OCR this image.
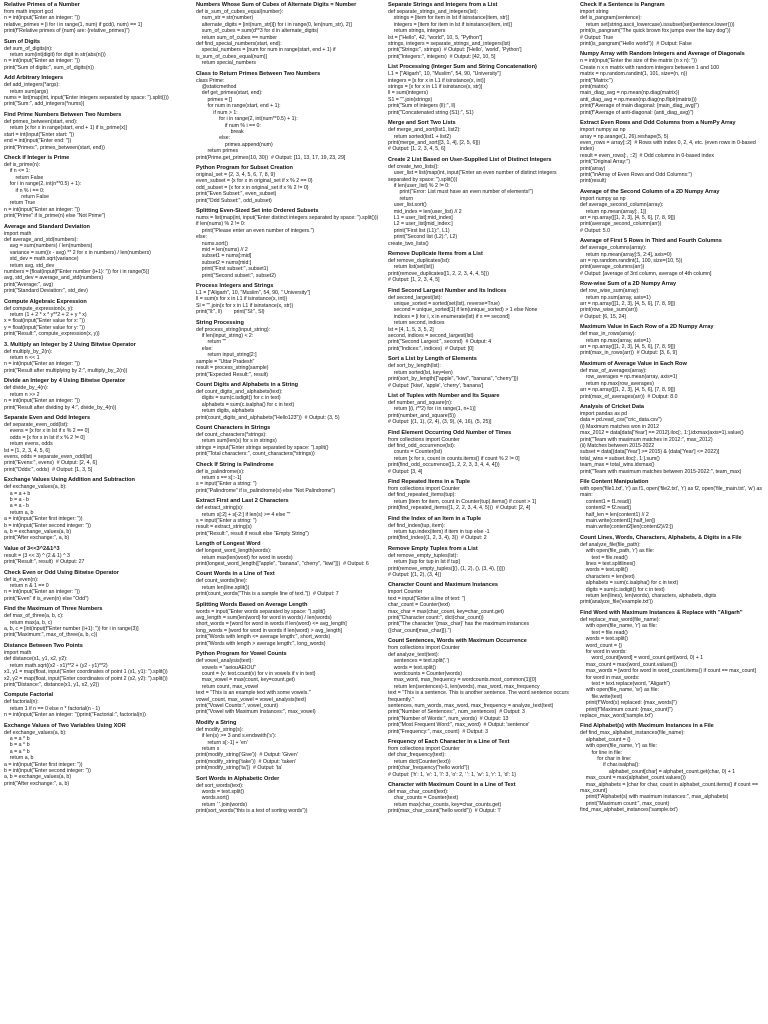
Relative Primes of a Number
from math import gcd
n = int(input("Enter an integer: "))
relative_primes = [i for i in range(1, num) if gcd(i, num) == 1]
print(f"Relative primes of {num} are: {relative_primes}")
Sum of Digits
def sum_of_digits(n):
return sum(int(digit) for digit in str(abs(n)))
n = int(input("Enter an integer: "))
print("Sum of digits:", sum_of_digits(n))
Add Arbitrary Integers
def add_integers(*args):
return sum(args)
nums = list(map(int, input("Enter integers separated by space: ").split()))
print("Sum:", add_integers(*nums))
Find Prime Numbers Between Two Numbers
def primes_between(start, end):
return [x for x in range(start, end + 1) if is_prime(x)]
start = int(input("Enter start: "))
end = int(input("Enter end: "))
print("Primes:", primes_between(start, end))
Check if Integer is Prime
def is_prime(n):
if n <= 1:
return False
for i in range(2, int(n**0.5) + 1):
if n % i == 0:
return False
return True
n = int(input("Enter an integer: "))
print("Prime" if is_prime(n) else "Not Prime")
Average and Standard Deviation
import math
def average_and_std(numbers):
avg = sum(numbers) / len(numbers)
variance = sum((x - avg) ** 2 for x in numbers) / len(numbers)
std_dev = math.sqrt(variance)
return avg, std_dev
numbers = [float(input(f"Enter number {i+1}: ")) for i in range(5)]
avg, std_dev = average_and_std(numbers)
print("Average:", avg)
print("Standard Deviation:", std_dev)
Compute Algebraic Expression
def compute_expression(x, y):
return (1 + 2 * x * y**2 + 2 + y * x)
x = float(input("Enter value for x: "))
y = float(input("Enter value for y: "))
print("Result:", compute_expression(x, y))
3. Multiply an Integer by 2 Using Bitwise Operator
def multiply_by_2(n):
return n << 1
n = int(input("Enter an integer: "))
print("Result after multiplying by 2:", multiply_by_2(n))
Divide an Integer by 4 Using Bitwise Operator
def divide_by_4(n):
return n >> 2
n = int(input("Enter an integer: "))
print("Result after dividing by 4:", divide_by_4(n))
Separate Even and Odd Integers
def separate_even_odd(lst):
evens = [x for x in lst if x % 2 == 0]
odds = [x for x in lst if x % 2 != 0]
return evens, odds
lst = [1, 2, 3, 4, 5, 6]
evens, odds = separate_even_odd(lst)
print("Evens:", evens)  # Output: [2, 4, 6]
print("Odds:", odds)  # Output: [1, 3, 5]
Exchange Values Using Addition and Subtraction
def exchange_values(a, b):
a = a + b
b = a - b
a = a - b
return a, b
a = int(input("Enter first integer: "))
b = int(input("Enter second integer: "))
a, b = exchange_values(a, b)
print("After exchange:", a, b)
Value of 3<<3^2&1^3
result = (3 << 3) ^ (2 & 1) ^ 3
print("Result:", result)  # Output: 27
Check Even or Odd Using Bitwise Operator
def is_even(n):
return n & 1 == 0
n = int(input("Enter an integer: "))
print("Even" if is_even(n) else "Odd")
Find the Maximum of Three Numbers
def max_of_three(a, b, c):
return max(a, b, c)
a, b, c = [int(input(f"Enter number {i+1}: ")) for i in range(3)]
print("Maximum:", max_of_three(a, b, c))
Distance Between Two Points
import math
def distance(x1, y1, x2, y2):
return math.sqrt((x2 - x1)**2 + (y2 - y1)**2)
x1, y1 = map(float, input("Enter coordinates of point 1 (x1, y1): ").split())
x2, y2 = map(float, input("Enter coordinates of point 2 (x2, y2): ").split())
print("Distance:", distance(x1, y1, x2, y2))
Compute Factorial
def factorial(n):
return 1 if n == 0 else n * factorial(n - 1)
n = int(input("Enter an integer: "))print("Factorial:", factorial(n))
Exchange Values of Two Variables Using XOR
def exchange_values(a, b):
a = a ^ b
b = a ^ b
a = a ^ b
return a, b
a = int(input("Enter first integer: "))
b = int(input("Enter second integer: "))
a, b = exchange_values(a, b)
print("After exchange:", a, b)
Numbers Whose Sum of Cubes of Alternate Digits = Number
def is_sum_of_cubes_equal(number):
num_str = str(number)
alternate_digits = [int(num_str[i]) for i in range(0, len(num_str), 2)]
sum_of_cubes = sum(d**3 for d in alternate_digits)
return sum_of_cubes == number
def find_special_numbers(start, end):
special_numbers = [num for num in range(start, end + 1) if is_sum_of_cubes_equal(num)]
return special_numbers
Class to Return Primes Between Two Numbers
class Prime:
@staticmethod
def get_primes(start, end):
primes = []
for num in range(start, end + 1):
if num > 1:
for i in range(2, int(num**0.5) + 1):
if num % i == 0:
break
else:
primes.append(num)
return primes
print(Prime.get_primes(10, 30))  # Output: [11, 13, 17, 19, 23, 29]
Python Program for Subset Creation
original_set = {2, 3, 4, 5, 6, 7, 8, 9}
even_subset = {x for x in original_set if x % 2 == 0}
odd_subset = {x for x in original_set if x % 2 != 0}
print("Even Subset:", even_subset)
print("Odd Subset:", odd_subset)
Splitting Even-Sized Set into Ordered Subsets
nums = list(map(int, input("Enter distinct integers separated by space: ").split()))
if len(nums) % 2 != 0:
print("Please enter an even number of integers.")
else:
nums.sort()
mid = len(nums) // 2
subset1 = nums[:mid]
subset2 = nums[mid:]
print("First subset:", subset1)
print("Second subset:", subset2)
Process Integers and Strings
L1 = ["Aligarh", 10, "Muslim", 54, 90, " University"]
ll = sum(x for x in L1 if isinstance(x, int))
Sl = "".join(x for x in L1 if isinstance(x, str))
print("ll:", ll)        print("Sl:", Sl)
String Processing
def process_string(input_string):
if len(input_string) < 2:
return ""
else:
return input_string[2:]
sample = "Uttar Pradesh"
result = process_string(sample)
print("Expected Result:", result)
Count Digits and Alphabets in a String
def count_digits_and_alphabets(text):
digits = sum(c.isdigit() for c in text)
alphabets = sum(c.isalpha() for c in text)
return digits, alphabets
print(count_digits_and_alphabets("Hello123"))  # Output: (3, 5)
Count Characters in Strings
def count_characters(*strings):
return sum(len(s) for s in strings)
strings = input("Enter strings separated by space: ").split()
print("Total characters:", count_characters(*strings))
Check If String is Palindrome
def is_palindrome(s):
return s == s[::-1]
s = input("Enter a string: ")
print("Palindrome" if is_palindrome(s) else "Not Palindrome")
Extract First and Last 2 Characters
def extract_string(s):
return s[:2] + s[-2:] if len(s) >= 4 else ""
s = input("Enter a string: ")
result = extract_string(s)
print("Result:", result if result else "Empty String")
Length of Longest Word
def longest_word_length(words):
return max(len(word) for word in words)
print(longest_word_length(["apple", "banana", "cherry", "kiwi"]))  # Output: 6
Count Words in a Line of Text
def count_words(line):
return len(line.split())
print(count_words("This is a sample line of text."))  # Output: 7
Splitting Words Based on Average Length
words = input("Enter words separated by space: ").split()
avg_length = sum(len(word) for word in words) / len(words)
short_words = [word for word in words if len(word) <= avg_length]
long_words = [word for word in words if len(word) > avg_length]
print("Words with length <= average length:", short_words)
print("Words with length > average length:", long_words)
Python Program for Vowel Counts
def vowel_analysis(text):
vowels = "aeiouAEIOU"
count = {v: text.count(v) for v in vowels if v in text}
max_vowel = max(count, key=count.get)
return count, max_vowel
text = "This is an example text with some vowels."
vowel_count, max_vowel = vowel_analysis(text)
print("Vowel Counts:", vowel_count)
print("Vowel with Maximum Instances:", max_vowel)
Modify a String
def modify_string(s):
if len(s) >= 3 and s.endswith('s'):
return s[:-1] + 'en'
return s
print(modify_string('Give'))  # Output: 'Given'
print(modify_string('take'))  # Output: 'taken'
print(modify_string('ta'))  # Output: 'ta'
Sort Words in Alphabetic Order
def sort_words(text):
words = text.split()
words.sort()
return ' '.join(words)
print(sort_words("this is a test of sorting words"))
Separate Strings and Integers from a List
def separate_strings_and_integers(lst):
strings = [item for item in lst if isinstance(item, str)]
integers = [item for item in lst if isinstance(item, int)]
return strings, integers
lst = ["Hello", 42, "world", 10, 5, "Python"]
strings, integers = separate_strings_and_integers(lst)
print("Strings:", strings)  # Output: ['Hello', 'world', 'Python']
print("Integers:", integers)  # Output: [42, 10, 5]
List Processing (Integer Sum and String Concatenation)
L1 = ["Aligarh", 10, "Muslim", 54, 90, "University"]
integers = [x for x in L1 if isinstance(x, int)]
strings = [x for x in L1 if isinstance(x, str)]
ll = sum(integers)
S1 = "".join(strings)
print("Sum of integers (ll):", ll)
print("Concatenated string (S1):", S1)
Merge and Sort Two Lists
def merge_and_sort(list1, list2):
return sorted(list1 + list2)
print(merge_and_sort([3, 1, 4], [2, 5, 6]))
# Output: [1, 2, 3, 4, 5, 6]
Create 2 List Based on User-Supplied List of Distinct Integers
def create_two_lists():
user_list = list(map(int, input("Enter an even number of distinct integers separated by space: ").split()))
if len(user_list) % 2 != 0:
print("Error: List must have an even number of elements!")
return
user_list.sort()
mid_index = len(user_list) // 2
L1 = user_list[:mid_index]
L2 = user_list[mid_index:]
print("First list (L1):", L1)
print("Second list (L2):", L2)
create_two_lists()
Remove Duplicate Items from a List
def remove_duplicates(lst):
return list(set(lst))
print(remove_duplicates([1, 2, 2, 3, 4, 4, 5]))
# Output: [1, 2, 3, 4, 5]
Find Second Largest Number and Its Indices
def second_largest(lst):
unique_sorted = sorted(set(lst), reverse=True)
second = unique_sorted[1] if len(unique_sorted) > 1 else None
indices = [i for i, x in enumerate(lst) if x == second]
return second, indices
lst = [4, 1, 5, 3, 5, 2]
second, indices = second_largest(lst)
print("Second Largest:", second)  # Output: 4
print("Indices:", indices)  # Output: [0]
Sort a List by Length of Elements
def sort_by_length(lst):
return sorted(lst, key=len)
print(sort_by_length(["apple", "kiwi", "banana", "cherry"]))
# Output: ['kiwi', 'apple', 'cherry', 'banana']
List of Tuples with Number and Its Square
def number_and_square(n):
return [(i, i**2) for i in range(1, n+1)]
print(number_and_square(5))
# Output: [(1, 1), (2, 4), (3, 9), (4, 16), (5, 25)]
Find Element Occurring Odd Number of Times
from collections import Counter
def find_odd_occurrence(lst):
counts = Counter(lst)
return [x for x, count in counts.items() if count % 2 != 0]
print(find_odd_occurrence([1, 2, 2, 3, 3, 4, 4, 4]))
# Output: [3, 4]
Find Repeated Items in a Tuple
from collections import Counter
def find_repeated_items(tup):
return [item for item, count in Counter(tup).items() if count > 1]
print(find_repeated_items((1, 2, 2, 3, 4, 4, 5)))  # Output: [2, 4]
Find the Index of an Item in a Tuple
def find_index(tup, item):
return tup.index(item) if item in tup else -1
print(find_index((1, 2, 3, 4), 3))  # Output: 2
Remove Empty Tuples from a List
def remove_empty_tuples(lst):
return [tup for tup in lst if tup]
print(remove_empty_tuples([(), (1, 2), (), (3, 4), ()]))
# Output: [(1, 2), (3, 4)]
Character Count and Maximum Instances
import Counter
text = input("Enter a line of text: ")
char_count = Counter(text)
max_char = max(char_count, key=char_count.get)
print("Character count:", dict(char_count))
print("The character '{max_char}' has the maximum instances ({char_count[max_char]}).")
Count Sentences, Words with Maximum Occurrence
from collections import Counter
def analyze_text(text):
sentences = text.split('.')
words = text.split()
wordcounts = Counter(words)
max_word, max_frequency = wordcounts.most_common(1)[0]
return len(sentences)-1, len(words), max_word, max_frequency
text = "This is a sentence. This is another sentence. The word sentence occurs frequently."
sentences, num_words, max_word, max_frequency = analyze_text(text)
print("Number of Sentences:", num_sentences)  # Output: 3
print("Number of Words:", num_words)  # Output: 13
print("Most Frequent Word:", max_word)  # Output: 'sentence'
print("Frequency:", max_count)  # Output: 3
Frequency of Each Character in a Line of Text
from collections import Counter
def char_frequency(text):
return dict(Counter(text))
print(char_frequency("hello world"))
# Output: {'h': 1, 'e': 1, 'l': 3, 'o': 2, ' ': 1, 'w': 1, 'r': 1, 'd': 1}
Character with Maximum Count in a Line of Text
def max_char_count(text):
char_counts = Counter(text)
return max(char_counts, key=char_counts.get)
print(max_char_count("hello world"))  # Output: 'l'
Check If a Sentence is Pangram
import string
def is_pangram(sentence):
return set(string.ascii_lowercase).issubset(set(sentence.lower()))
print(is_pangram("The quick brown fox jumps over the lazy dog"))
# Output: True
print(is_pangram("Hello world"))  # Output: False
Numpy Array with Random Integers and Average of Diagonals
n = int(input("Enter the size of the matrix (n x n): "))
Create n x n matrix with random integers between 1 and 100
matrix = np.random.randint(1, 101, size=(n, n))
print("Matrix:")
print(matrix)
main_diag_avg = np.mean(np.diag(matrix))
anti_diag_avg = np.mean(np.diag(np.fliplr(matrix)))
print(f"Average of main diagonal: {main_diag_avg}")
print(f"Average of anti-diagonal: {anti_diag_avg}")
Extract Even Rows and Odd Columns from a NumPy Array
import numpy as np
array = np.arange(1, 26).reshape(5, 5)
even_rows = array[::2]  # Rows with index 0, 2, 4, etc. (even rows in 0-based index)
result = even_rows[:, ::2]  # Odd columns in 0-based index
print("Original Array:")
print(array)
print("\nArray of Even Rows and Odd Columns:")
print(result)
Average of the Second Column of a 2D Numpy Array
import numpy as np
def average_second_column(array):
return np.mean(array[:, 1])
arr = np.array([[1, 2, 3], [4, 5, 6], [7, 8, 9]])
print(average_second_column(arr))
# Output: 5.0
Average of First 5 Rows in Third and Fourth Columns
def average_columns(array):
return np.mean(array[:5, 2:4], axis=0)
arr = np.random.randint(1, 100, size=(10, 5))
print(average_columns(arr))
# Output: [average of 3rd column, average of 4th column]
Row-wise Sum of a 2D Numpy Array
def row_wise_sum(array):
return np.sum(array, axis=1)
arr = np.array([[1, 2, 3], [4, 5, 6], [7, 8, 9]])
print(row_wise_sum(arr))
# Output: [6, 15, 24]
Maximum Value in Each Row of a 2D Numpy Array
def max_in_rows(array):
return np.max(array, axis=1)
arr = np.array([[1, 2, 3], [4, 5, 6], [7, 8, 9]])
print(max_in_rows(arr))  # Output: [3, 6, 9]
Maximum of Average Value in Each Row
def max_of_averages(array):
row_averages = np.mean(array, axis=1)
return np.max(row_averages)
arr = np.array([[1, 2, 3], [4, 5, 6], [7, 8, 9]])
print(max_of_averages(arr))  # Output: 8.0
Analysis of Cricket Data
import pandas as pd
data = pd.read_csv("cric_data.csv")
(i) Maximum matches won in 2012
max_2012 = data[data['Year'] == 2012].iloc[:, 1:].idxmax(axis=1).value()
print("Team with maximum matches in 2012:", max_2012)
(ii) Matches between 2015-2022
subset = data[(data['Year'] >= 2015) & (data['Year'] <= 2022)]
total_wins = subset.iloc[:, 1:].sum()
team_max = total_wins.idxmax()
print("Team with maximum matches between 2015-2022:", team_max)
File Content Manipulation
with open('file1.txt', 'r') as f1, open('file2.txt', 'r') as f2, open('file_main.txt', 'w') as main:
content1 = f1.read()
content2 = f2.read()
half_len = len(content1) // 2
main.write(content1[:half_len])
main.write(content2[len(content2)//2:])
Count Lines, Words, Characters, Alphabets, & Digits in a File
def analyze_file(file_path):
with open(file_path, 'r') as file:
text = file.read()
lines = text.splitlines()
words = text.split()
characters = len(text)
alphabets = sum(c.isalpha() for c in text)
digits = sum(c.isdigit() for c in text)
return len(lines), len(words), characters, alphabets, digits
print(analyze_file('example.txt'))
Find Word with Maximum Instances & Replace with "Aligarh"
def replace_max_word(file_name):
with open(file_name, 'r') as file:
text = file.read()
words = text.split()
word_count = {}
for word in words:
word_count[word] = word_count.get(word, 0) + 1
max_count = max(word_count.values())
max_words = [word for word in word_count.items() if count == max_count]
for word in max_words:
text = text.replace(word, "Aligarh")
with open(file_name, 'w') as file:
file.write(text)
print(f"Word(s) replaced: {max_words}")
print(f"Maximum count: {max_count}")
replace_max_word('sample.txt')
Find Alphabet(s) with Maximum Instances in a File
def find_max_alphabet_instances(file_name):
alphabet_count = {}
with open(file_name, 'r') as file:
for line in file:
for char in line:
if char.isalpha():
alphabet_count[char] = alphabet_count.get(char, 0) + 1
max_count = max(alphabet_count.values())
max_alphabets = [char for char, count in alphabet_count.items() if count == max_count]
print(f"Alphabet(s) with maximum instances:", max_alphabets)
print("Maximum count:", max_count)
find_max_alphabet_instances('sample.txt')
